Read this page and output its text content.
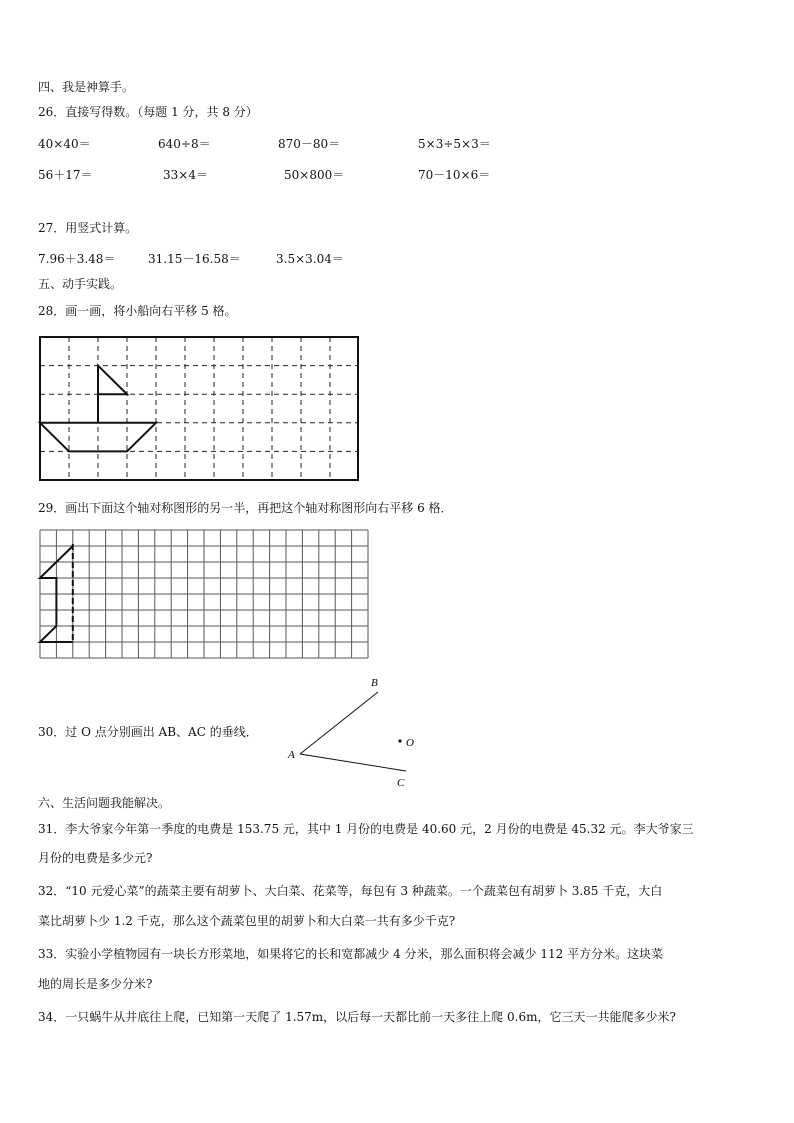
四、我是神算手。
26．直接写得数。（每题 1 分，共 8 分）
40×40＝	640÷8＝	870－80＝	5×3÷5×3＝
56＋17＝	33×4＝	50×800＝	70－10×6＝
27．用竖式计算。
7.96＋3.48＝	31.15－16.58＝	3.5×3.04＝
五、动手实践。
28．画一画，将小船向右平移 5 格。
29．画出下面这个轴对称图形的另一半，再把这个轴对称图形向右平移 6 格．
30．过 O 点分别画出 AB、AC 的垂线．
A
B
C
O
六、生活问题我能解决。
31．李大爷家今年第一季度的电费是 153.75 元，其中 1 月份的电费是 40.60 元，2 月份的电费是 45.32 元。李大爷家三
月份的电费是多少元?
32．“10 元爱心菜”的蔬菜主要有胡萝卜、大白菜、花菜等，每包有 3 种蔬菜。一个蔬菜包有胡萝卜 3.85 千克，大白
菜比胡萝卜少 1.2 千克，那么这个蔬菜包里的胡萝卜和大白菜一共有多少千克?
33．实验小学植物园有一块长方形菜地，如果将它的长和宽都减少 4 分米，那么面积将会减少 112 平方分米。这块菜
地的周长是多少分米?
34．一只蜗牛从井底往上爬，已知第一天爬了 1.57m，以后每一天都比前一天多往上爬 0.6m，它三天一共能爬多少米?
